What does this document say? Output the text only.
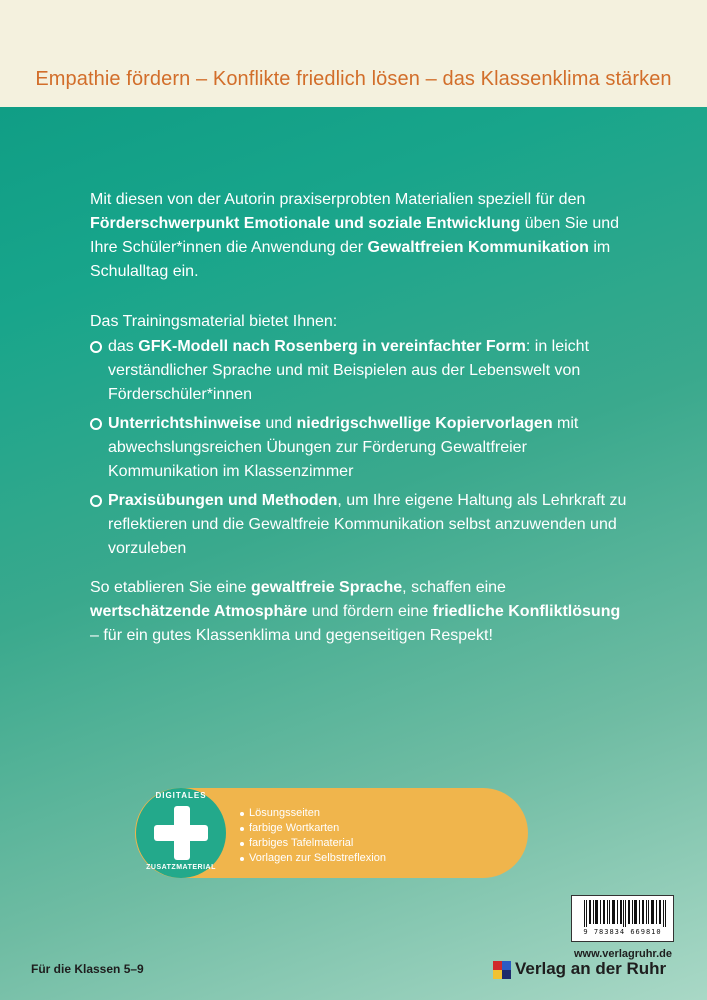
Empathie fördern – Konflikte friedlich lösen – das Klassenklima stärken

Mit diesen von der Autorin praxiserprobten Materialien speziell für den Förderschwerpunkt Emotionale und soziale Entwicklung üben Sie und Ihre Schüler*innen die Anwendung der Gewaltfreien Kommunikation im Schulalltag ein.

Das Trainingsmaterial bietet Ihnen:
das GFK-Modell nach Rosenberg in vereinfachter Form: in leicht verständlicher Sprache und mit Beispielen aus der Lebenswelt von Förderschüler*innen
Unterrichtshinweise und niedrigschwellige Kopiervorlagen mit abwechslungsreichen Übungen zur Förderung Gewaltfreier Kommunikation im Klassenzimmer
Praxisübungen und Methoden, um Ihre eigene Haltung als Lehrkraft zu reflektieren und die Gewaltfreie Kommunikation selbst anzuwenden und vorzuleben
So etablieren Sie eine gewaltfreie Sprache, schaffen eine wertschätzende Atmosphäre und fördern eine friedliche Konfliktlösung – für ein gutes Klassenklima und gegenseitigen Respekt!
DIGITALES
ZUSATZMATERIAL
Lösungsseiten
farbige Wortkarten
farbiges Tafelmaterial
Vorlagen zur Selbstreflexion
9 783834 669810
www.verlagruhr.de
Verlag an der Ruhr
Für die Klassen 5–9
